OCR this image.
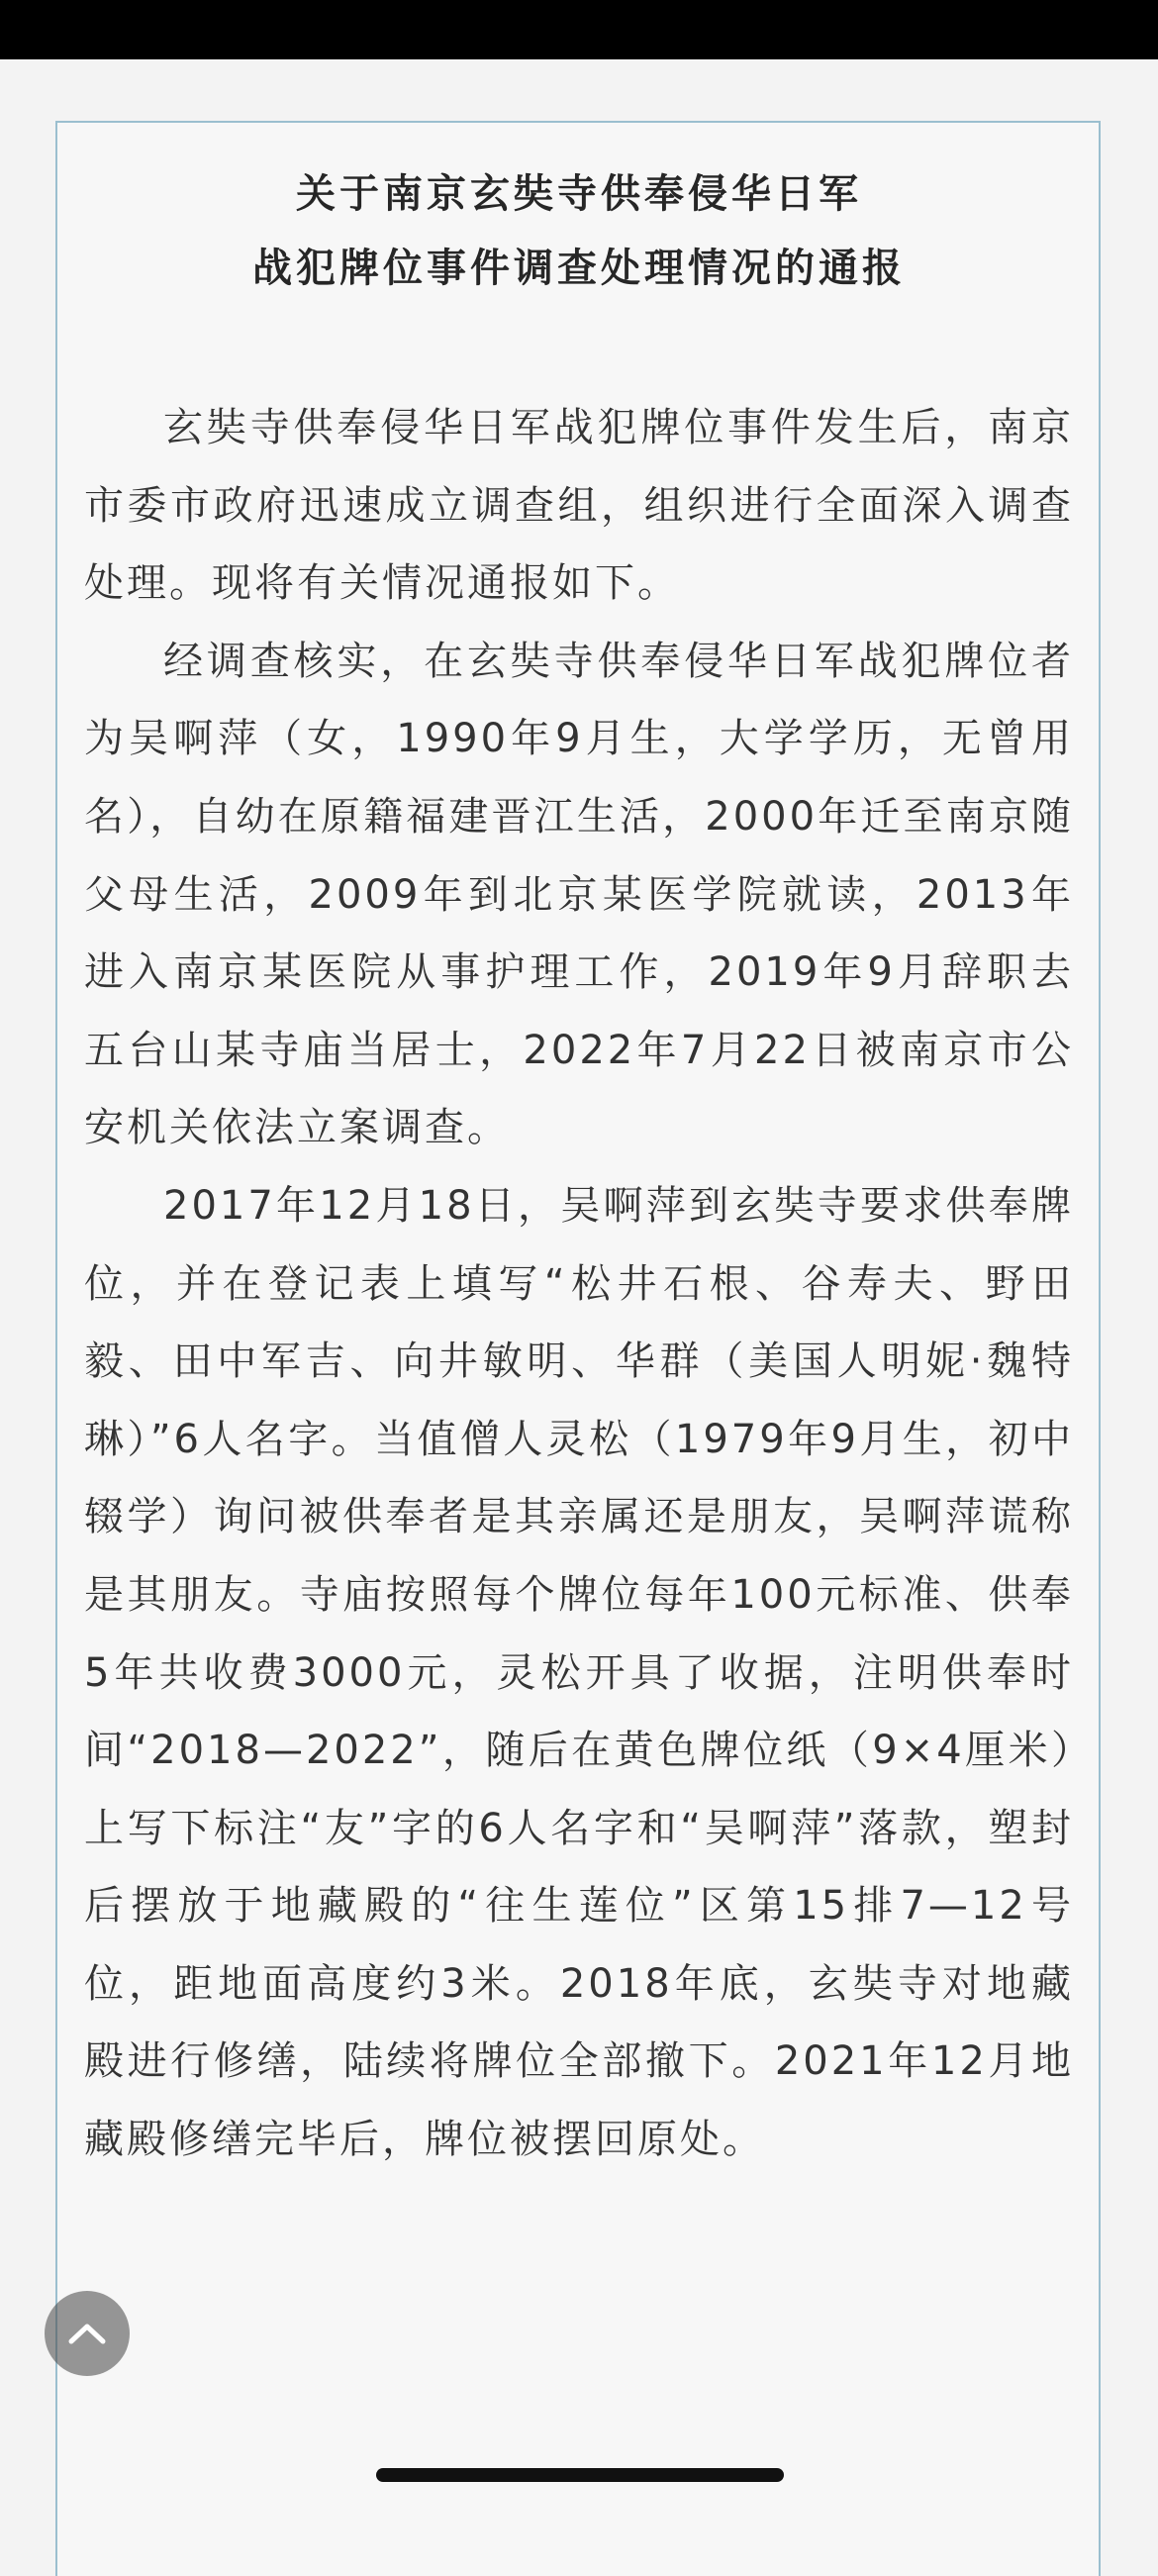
关于南京玄奘寺供奉侵华日军
战犯牌位事件调查处理情况的通报

玄奘寺供奉侵华日军战犯牌位事件发生后，南京市委市政府迅速成立调查组，组织进行全面深入调查处理。现将有关情况通报如下。

经调查核实，在玄奘寺供奉侵华日军战犯牌位者为吴啊萍（女，1990年9月生，大学学历，无曾用名），自幼在原籍福建晋江生活，2000年迁至南京随父母生活，2009年到北京某医学院就读，2013年进入南京某医院从事护理工作，2019年9月辞职去五台山某寺庙当居士，2022年7月22日被南京市公安机关依法立案调查。

2017年12月18日，吴啊萍到玄奘寺要求供奉牌位，并在登记表上填写“松井石根、谷寿夫、野田毅、田中军吉、向井敏明、华群（美国人明妮·魏特琳）”6人名字。当值僧人灵松（1979年9月生，初中辍学）询问被供奉者是其亲属还是朋友，吴啊萍谎称是其朋友。寺庙按照每个牌位每年100元标准、供奉5年共收费3000元，灵松开具了收据，注明供奉时间“2018—2022”，随后在黄色牌位纸（9×4厘米）上写下标注“友”字的6人名字和“吴啊萍”落款，塑封后摆放于地藏殿的“往生莲位”区第15排7—12号位，距地面高度约3米。2018年底，玄奘寺对地藏殿进行修缮，陆续将牌位全部撤下。2021年12月地藏殿修缮完毕后，牌位被摆回原处。
